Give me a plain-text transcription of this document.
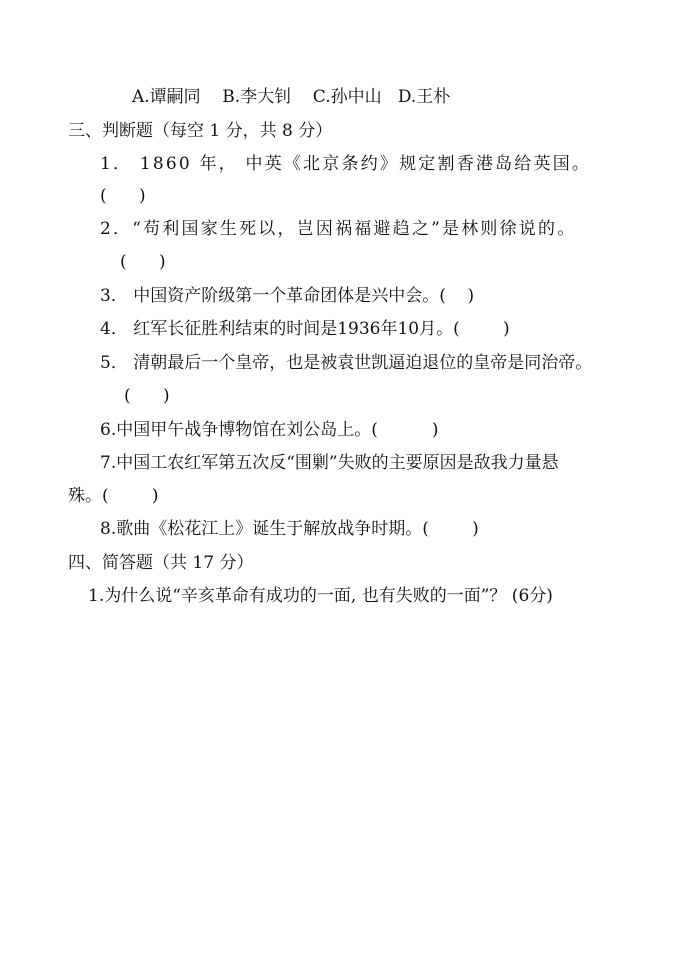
A.谭嗣同    B.李大钊    C.孙中山   D.王朴
三、判断题（每空 1 分，共 8 分）
1． 1860 年， 中英《北京条约》规定割香港岛给英国。
(      )
2．“苟利国家生死以，岂因祸福避趋之”是林则徐说的。
(      )
3． 中国资产阶级第一个革命团体是兴中会。(    )
4． 红军长征胜利结束的时间是1936年10月。(        )
5． 清朝最后一个皇帝，也是被袁世凯逼迫退位的皇帝是同治帝。
(      )
6.中国甲午战争博物馆在刘公岛上。(          )
7.中国工农红军第五次反“围剿”失败的主要原因是敌我力量悬
殊。(        )
8.歌曲《松花江上》诞生于解放战争时期。(        )
四、简答题（共 17 分）
1.为什么说“辛亥革命有成功的一面, 也有失败的一面”？ (6分)
